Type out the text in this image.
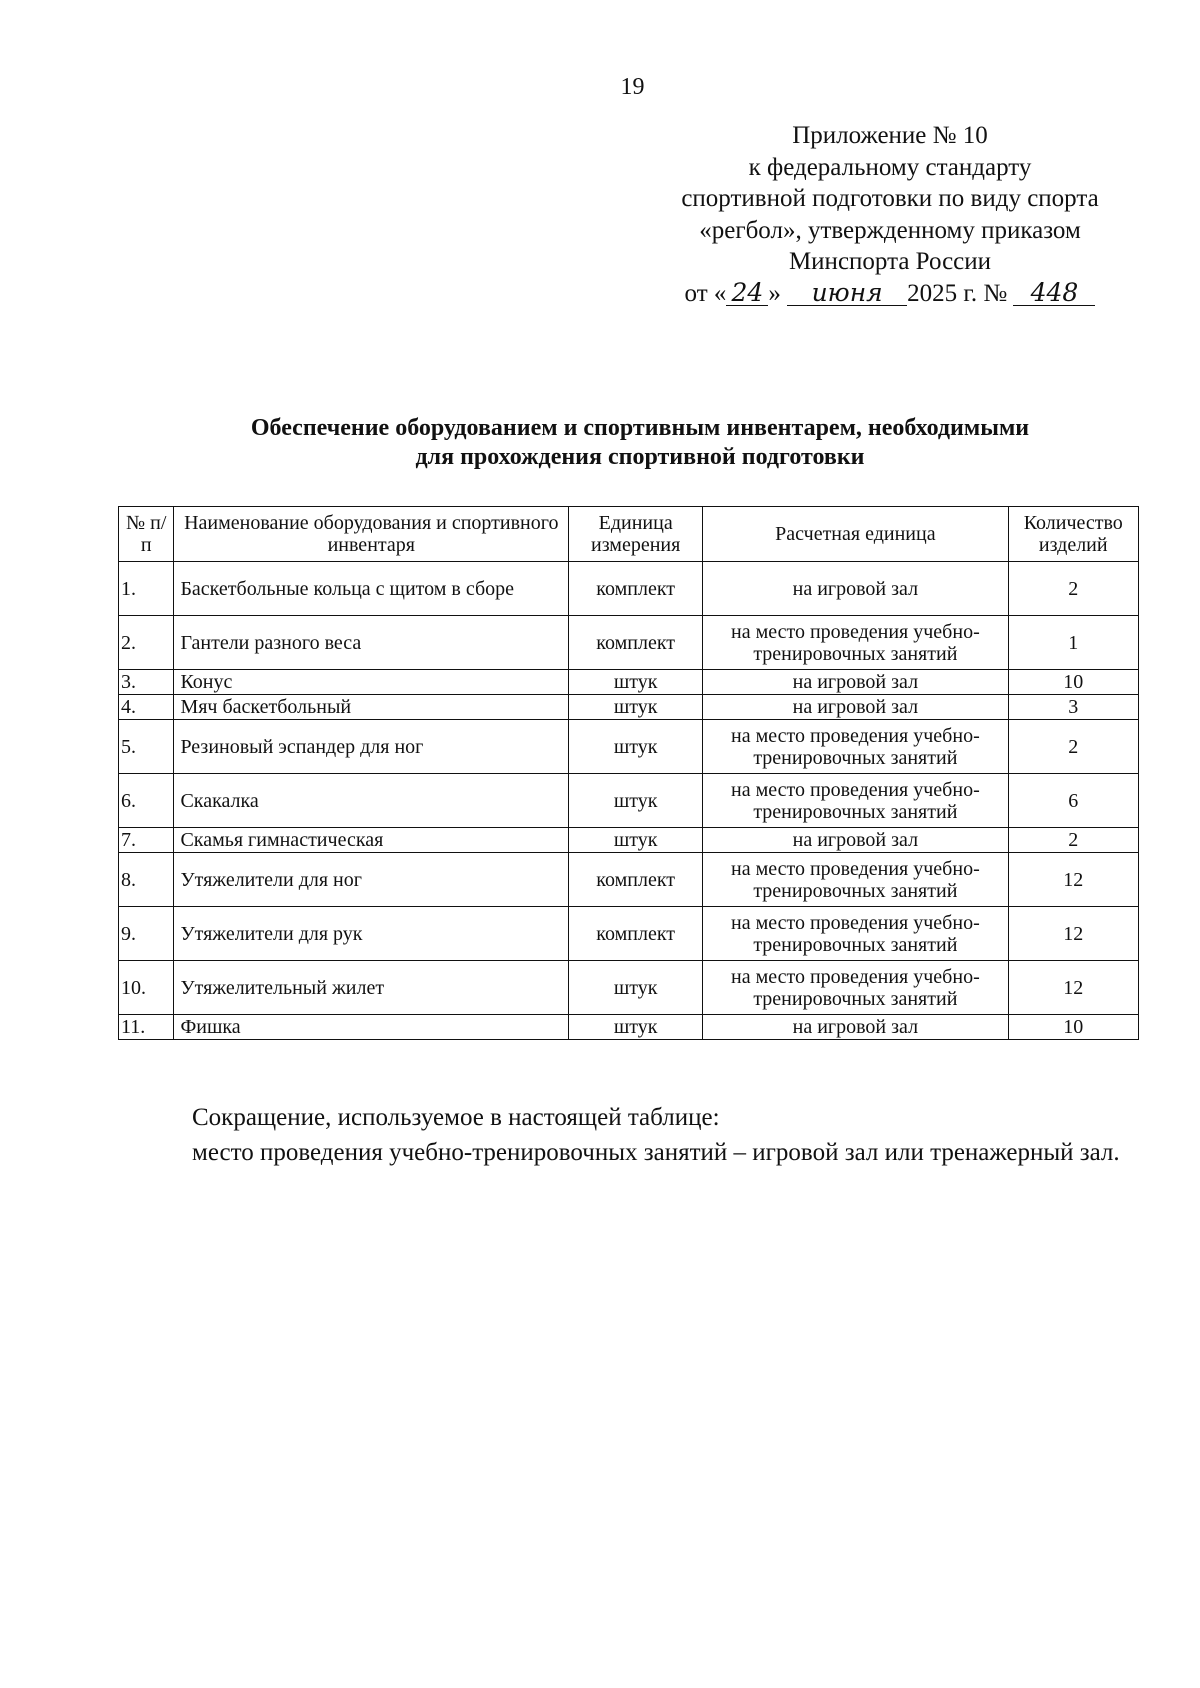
19
Приложение № 10
к федеральному стандарту
спортивной подготовки по виду спорта
«регбол», утвержденному приказом
Минспорта России
от « 24 » июня 2025 г. № 448
Обеспечение оборудованием и спортивным инвентарем, необходимыми
для прохождения спортивной подготовки
№ п/п	Наименование оборудования и спортивного инвентаря	Единица измерения	Расчетная единица	Количество изделий
1.	Баскетбольные кольца с щитом в сборе	комплект	на игровой зал	2
2.	Гантели разного веса	комплект	на место проведения учебно-тренировочных занятий	1
3.	Конус	штук	на игровой зал	10
4.	Мяч баскетбольный	штук	на игровой зал	3
5.	Резиновый эспандер для ног	штук	на место проведения учебно-тренировочных занятий	2
6.	Скакалка	штук	на место проведения учебно-тренировочных занятий	6
7.	Скамья гимнастическая	штук	на игровой зал	2
8.	Утяжелители для ног	комплект	на место проведения учебно-тренировочных занятий	12
9.	Утяжелители для рук	комплект	на место проведения учебно-тренировочных занятий	12
10.	Утяжелительный жилет	штук	на место проведения учебно-тренировочных занятий	12
11.	Фишка	штук	на игровой зал	10

Сокращение, используемое в настоящей таблице:

место проведения учебно-тренировочных занятий – игровой зал или тренажерный зал.
